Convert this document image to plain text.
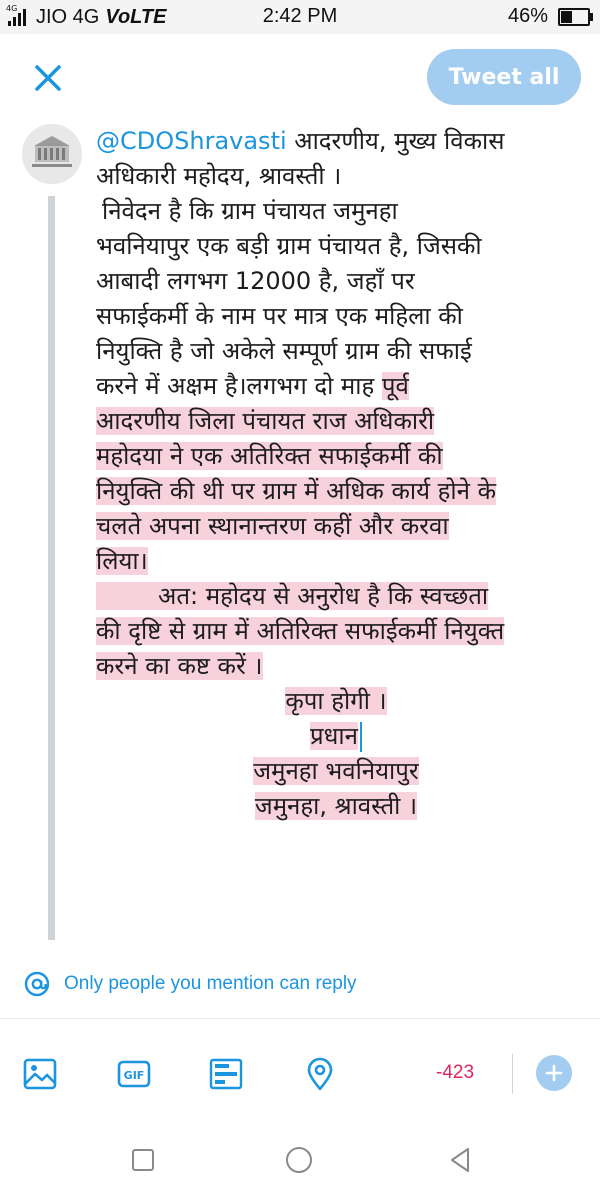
4G JIO 4G VoLTE	2:42 PM	46%
Tweet all
@CDOShravasti आदरणीय, मुख्य विकास
अधिकारी महोदय, श्रावस्ती ।
निवेदन है कि ग्राम पंचायत जमुनहा
भवनियापुर एक बड़ी ग्राम पंचायत है, जिसकी
आबादी लगभग 12000 है, जहाँ पर
सफाईकर्मी के नाम पर मात्र एक महिला की
नियुक्ति है जो अकेले सम्पूर्ण ग्राम की सफाई
करने में अक्षम है।लगभग दो माह पूर्व
आदरणीय जिला पंचायत राज अधिकारी
महोदया ने एक अतिरिक्त सफाईकर्मी की
नियुक्ति की थी पर ग्राम में अधिक कार्य होने के
चलते अपना स्थानान्तरण कहीं और करवा
लिया।
अत: महोदय से अनुरोध है कि स्वच्छता
की दृष्टि से ग्राम में अतिरिक्त सफाईकर्मी नियुक्त
करने का कष्ट करें ।
कृपा होगी ।
प्रधान
जमुनहा भवनियापुर
जमुनहा, श्रावस्ती ।
Only people you mention can reply
GIF	-423
